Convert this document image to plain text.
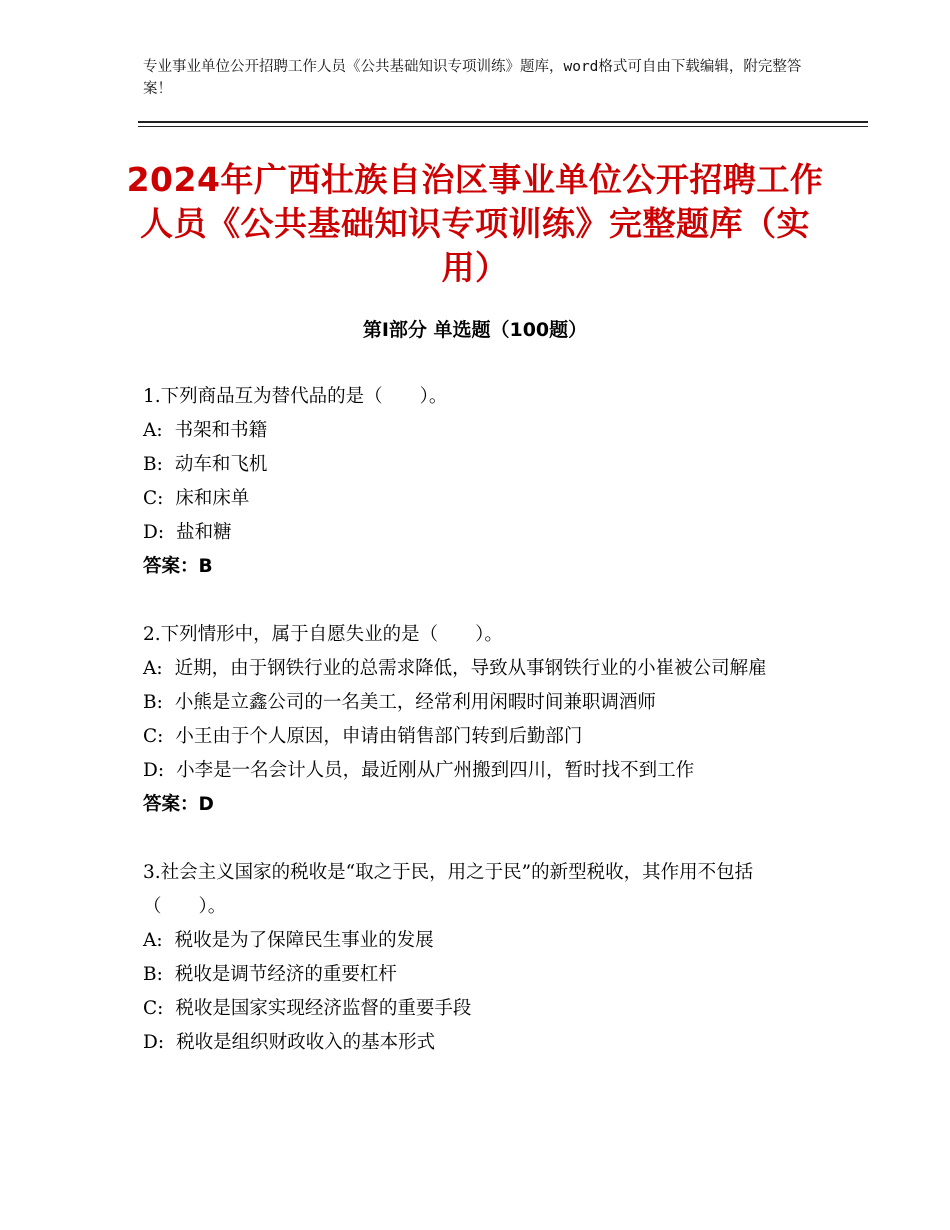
专业事业单位公开招聘工作人员《公共基础知识专项训练》题库，word格式可自由下载编辑，附完整答案！
2024年广西壮族自治区事业单位公开招聘工作人员《公共基础知识专项训练》完整题库（实用）
第Ⅰ部分 单选题（100题）

1.下列商品互为替代品的是（　　）。

A: 书架和书籍

B: 动车和飞机

C: 床和床单

D: 盐和糖

答案：B

2.下列情形中，属于自愿失业的是（　　）。

A: 近期，由于钢铁行业的总需求降低，导致从事钢铁行业的小崔被公司解雇

B: 小熊是立鑫公司的一名美工，经常利用闲暇时间兼职调酒师

C: 小王由于个人原因，申请由销售部门转到后勤部门

D: 小李是一名会计人员，最近刚从广州搬到四川，暂时找不到工作

答案：D

3.社会主义国家的税收是“取之于民，用之于民”的新型税收，其作用不包括（　　）。

A: 税收是为了保障民生事业的发展

B: 税收是调节经济的重要杠杆

C: 税收是国家实现经济监督的重要手段

D: 税收是组织财政收入的基本形式
